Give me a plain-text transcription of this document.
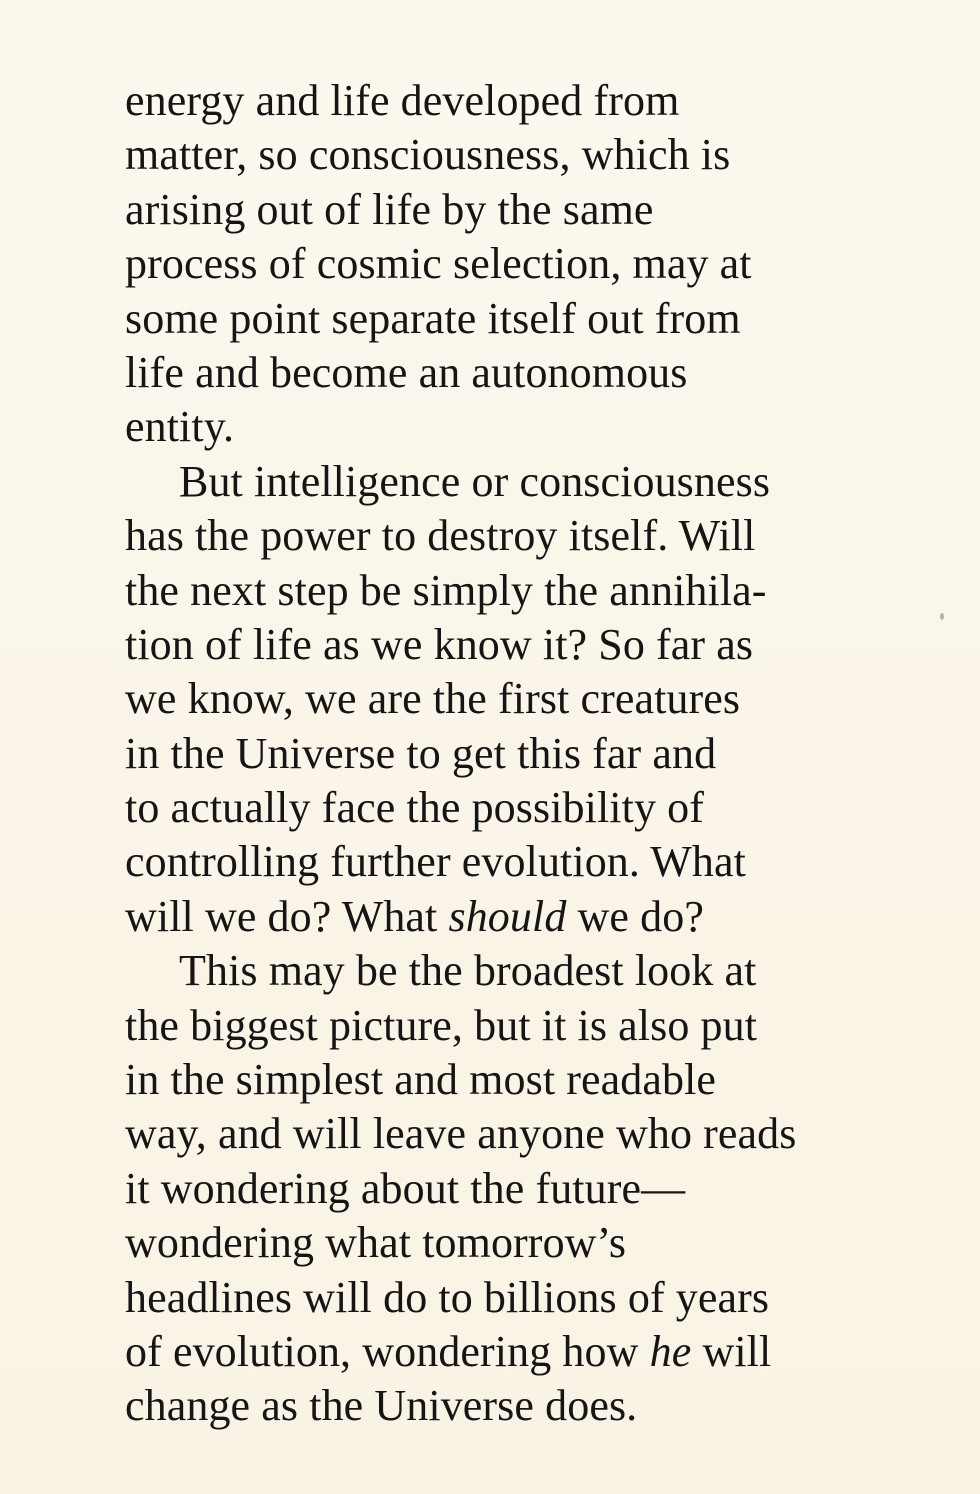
energy and life developed from
matter, so consciousness, which is
arising out of life by the same
process of cosmic selection, may at
some point separate itself out from
life and become an autonomous
entity.
But intelligence or consciousness
has the power to destroy itself. Will
the next step be simply the annihila-
tion of life as we know it? So far as
we know, we are the first creatures
in the Universe to get this far and
to actually face the possibility of
controlling further evolution. What
will we do? What should we do?
This may be the broadest look at
the biggest picture, but it is also put
in the simplest and most readable
way, and will leave anyone who reads
it wondering about the future—
wondering what tomorrow’s
headlines will do to billions of years
of evolution, wondering how he will
change as the Universe does.
